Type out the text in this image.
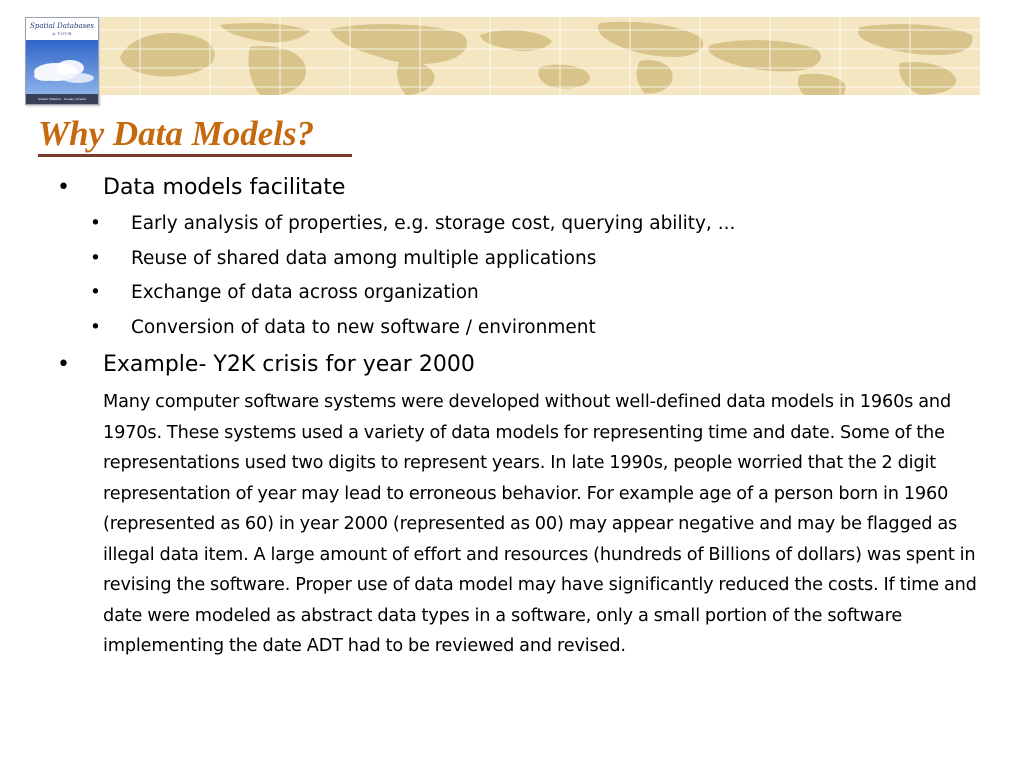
Spatial Databases
A TOUR
Shashi Shekhar · Sanjay Chawla
Why Data Models?
•	Data models facilitate
• Early analysis of properties, e.g. storage cost, querying ability, ...
• Reuse of shared data among multiple applications
• Exchange of data across organization
• Conversion of data to new software / environment
•	Example- Y2K crisis for year 2000
Many computer software systems were developed without well-defined data models in 1960s and 1970s. These systems used a variety of data models for representing time and date. Some of the representations used two digits to represent years. In late 1990s, people worried that the 2 digit representation of year may lead to erroneous behavior. For example age of a person born in 1960 (represented as 60) in year 2000 (represented as 00) may appear negative and may be flagged as illegal data item. A large amount of effort and resources (hundreds of Billions of dollars) was spent in revising the software. Proper use of data model may have significantly reduced the costs. If time and date were modeled as abstract data types in a software, only a small portion of the software implementing the date ADT had to be reviewed and revised.
